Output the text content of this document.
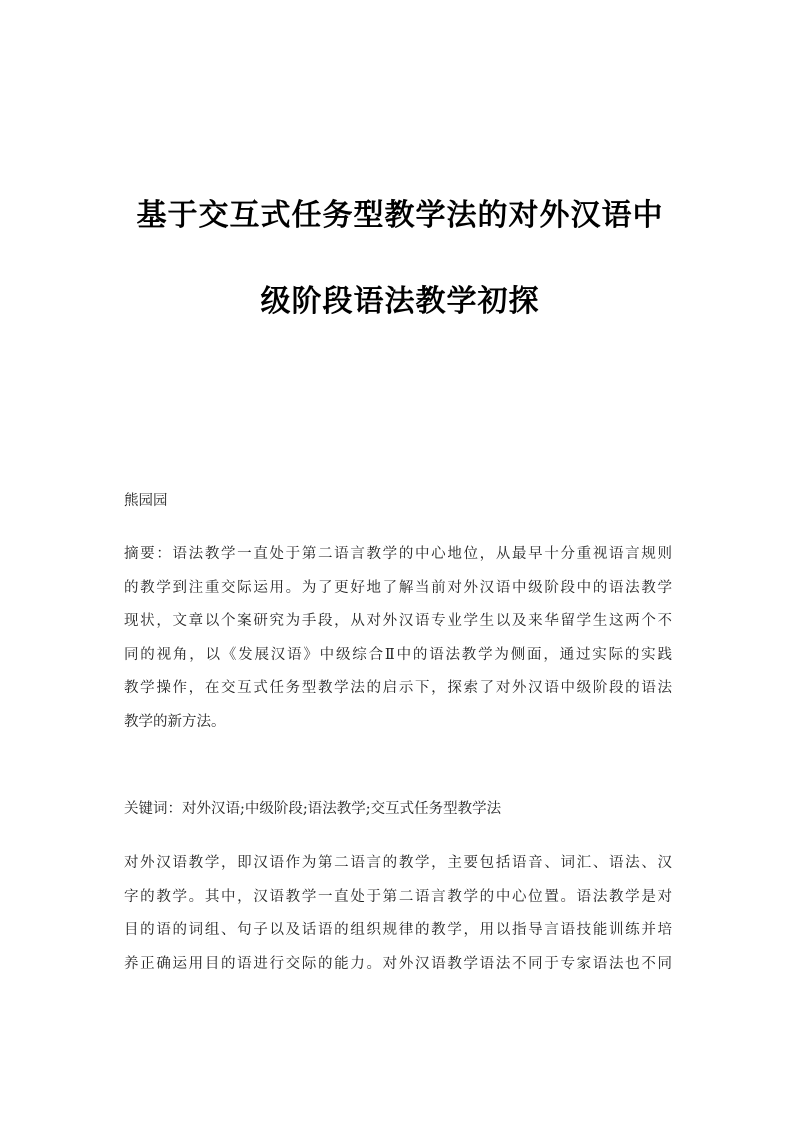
基于交互式任务型教学法的对外汉语中
级阶段语法教学初探
熊园园
摘要：语法教学一直处于第二语言教学的中心地位，从最早十分重视语言规则
的教学到注重交际运用。为了更好地了解当前对外汉语中级阶段中的语法教学
现状，文章以个案研究为手段，从对外汉语专业学生以及来华留学生这两个不
同的视角，以《发展汉语》中级综合Ⅱ中的语法教学为侧面，通过实际的实践
教学操作，在交互式任务型教学法的启示下，探索了对外汉语中级阶段的语法
教学的新方法。
关键词：对外汉语;中级阶段;语法教学;交互式任务型教学法
对外汉语教学，即汉语作为第二语言的教学，主要包括语音、词汇、语法、汉
字的教学。其中，汉语教学一直处于第二语言教学的中心位置。语法教学是对
目的语的词组、句子以及话语的组织规律的教学，用以指导言语技能训练并培
养正确运用目的语进行交际的能力。对外汉语教学语法不同于专家语法也不同
